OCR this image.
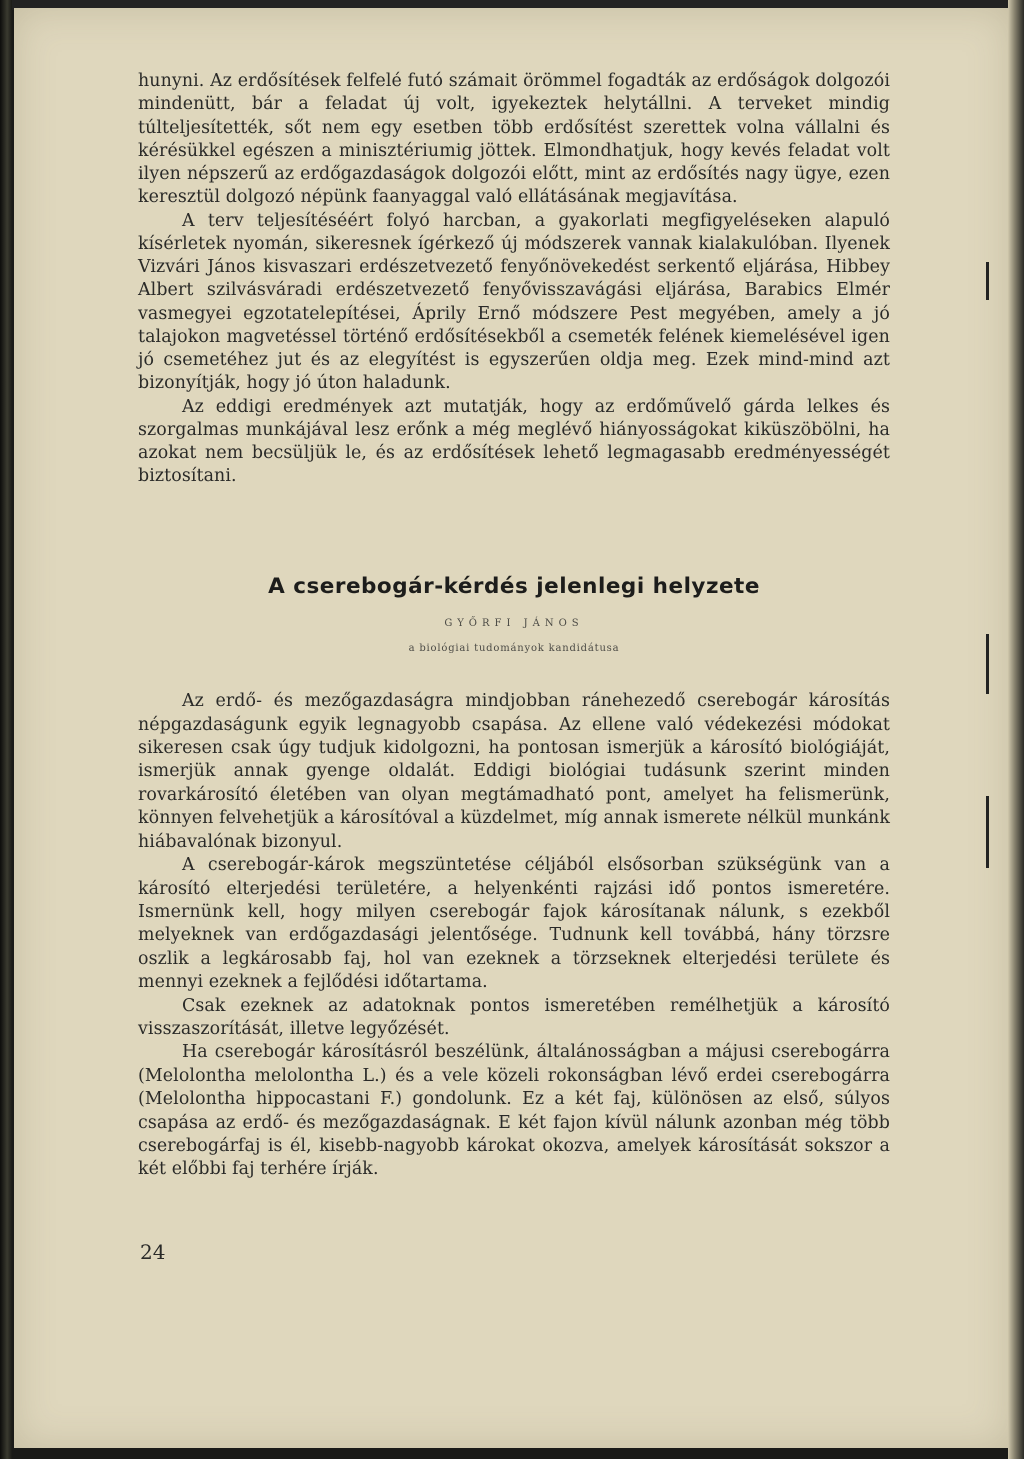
hunyni. Az erdősítések felfelé futó számait örömmel fogadták az erdőságok dolgozói mindenütt, bár a feladat új volt, igyekeztek helytállni. A terveket mindig túlteljesítették, sőt nem egy esetben több erdősítést szerettek volna vállalni és kérésükkel egészen a minisztériumig jöttek. Elmondhatjuk, hogy kevés feladat volt ilyen népszerű az erdőgazdaságok dolgozói előtt, mint az erdősítés nagy ügye, ezen keresztül dolgozó népünk faanyaggal való ellátásának megjavítása.

A terv teljesítéséért folyó harcban, a gyakorlati megfigyeléseken alapuló kísérletek nyomán, sikeresnek ígérkező új módszerek vannak kialakulóban. Ilyenek Vizvári János kisvaszari erdészetvezető fenyőnövekedést serkentő eljárása, Hibbey Albert szilvásváradi erdészetvezető fenyővisszavágási eljárása, Barabics Elmér vasmegyei egzotatelepítései, Áprily Ernő módszere Pest megyében, amely a jó talajokon magvetéssel történő erdősítésekből a csemeték felének kiemelésével igen jó csemetéhez jut és az elegyítést is egyszerűen oldja meg. Ezek mind-mind azt bizonyítják, hogy jó úton haladunk.

Az eddigi eredmények azt mutatják, hogy az erdőművelő gárda lelkes és szorgalmas munkájával lesz erőnk a még meglévő hiányosságokat kiküszöbölni, ha azokat nem becsüljük le, és az erdősítések lehető legmagasabb eredményességét biztosítani.

A cserebogár-kérdés jelenlegi helyzete
GYŐRFI JÁNOS
a biológiai tudományok kandidátusa

Az erdő- és mezőgazdaságra mindjobban ránehezedő cserebogár károsítás népgazdaságunk egyik legnagyobb csapása. Az ellene való védekezési módokat sikeresen csak úgy tudjuk kidolgozni, ha pontosan ismerjük a károsító biológiáját, ismerjük annak gyenge oldalát. Eddigi biológiai tudásunk szerint minden rovarkárosító életében van olyan megtámadható pont, amelyet ha felismerünk, könnyen felvehetjük a károsítóval a küzdelmet, míg annak ismerete nélkül munkánk hiábavalónak bizonyul.

A cserebogár-károk megszüntetése céljából elsősorban szükségünk van a károsító elterjedési területére, a helyenkénti rajzási idő pontos ismeretére. Ismernünk kell, hogy milyen cserebogár fajok károsítanak nálunk, s ezekből melyeknek van erdőgazdasági jelentősége. Tudnunk kell továbbá, hány törzsre oszlik a legkárosabb faj, hol van ezeknek a törzseknek elterjedési területe és mennyi ezeknek a fejlődési időtartama.

Csak ezeknek az adatoknak pontos ismeretében remélhetjük a károsító visszaszorítását, illetve legyőzését.

Ha cserebogár károsításról beszélünk, általánosságban a májusi cserebogárra (Melolontha melolontha L.) és a vele közeli rokonságban lévő erdei cserebogárra (Melolontha hippocastani F.) gondolunk. Ez a két faj, különösen az első, súlyos csapása az erdő- és mezőgazdaságnak. E két fajon kívül nálunk azonban még több cserebogárfaj is él, kisebb-nagyobb károkat okozva, amelyek károsítását sokszor a két előbbi faj terhére írják.

24
